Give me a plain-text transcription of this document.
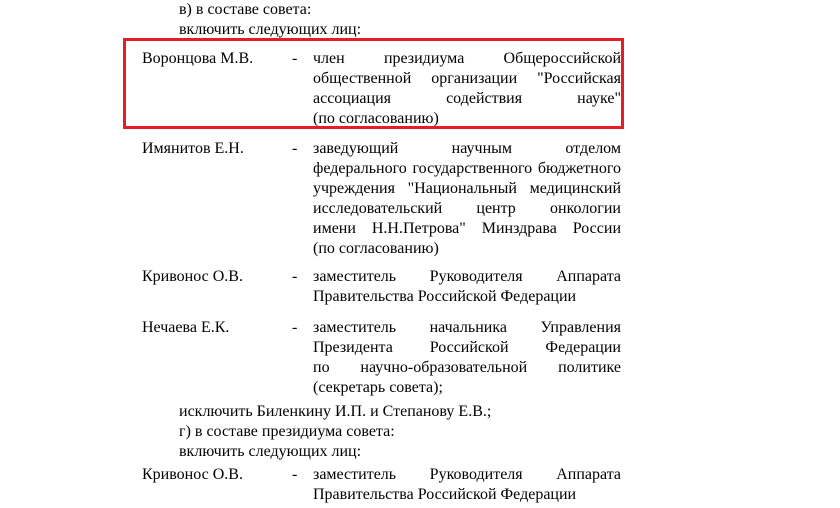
в) в составе совета:
включить следующих лиц:
Воронцова М.В. - член президиума Общероссийской
общественной организации "Российская
ассоциация содействия науке"
(по согласованию)
Имянитов Е.Н.	- заведующий научным отделом
федерального государственного бюджетного
учреждения "Национальный медицинский
исследовательский центр онкологии
имени Н.Н.Петрова" Минздрава России
(по согласованию)
Кривонос О.В.	- заместитель Руководителя Аппарата
Правительства Российской Федерации
Нечаева Е.К.	- заместитель начальника Управления
Президента Российской Федерации
по научно-образовательной политике
(секретарь совета);
исключить Биленкину И.П. и Степанову Е.В.;
г) в составе президиума совета:
включить следующих лиц:
Кривонос О.В.	- заместитель Руководителя Аппарата
Правительства Российской Федерации
